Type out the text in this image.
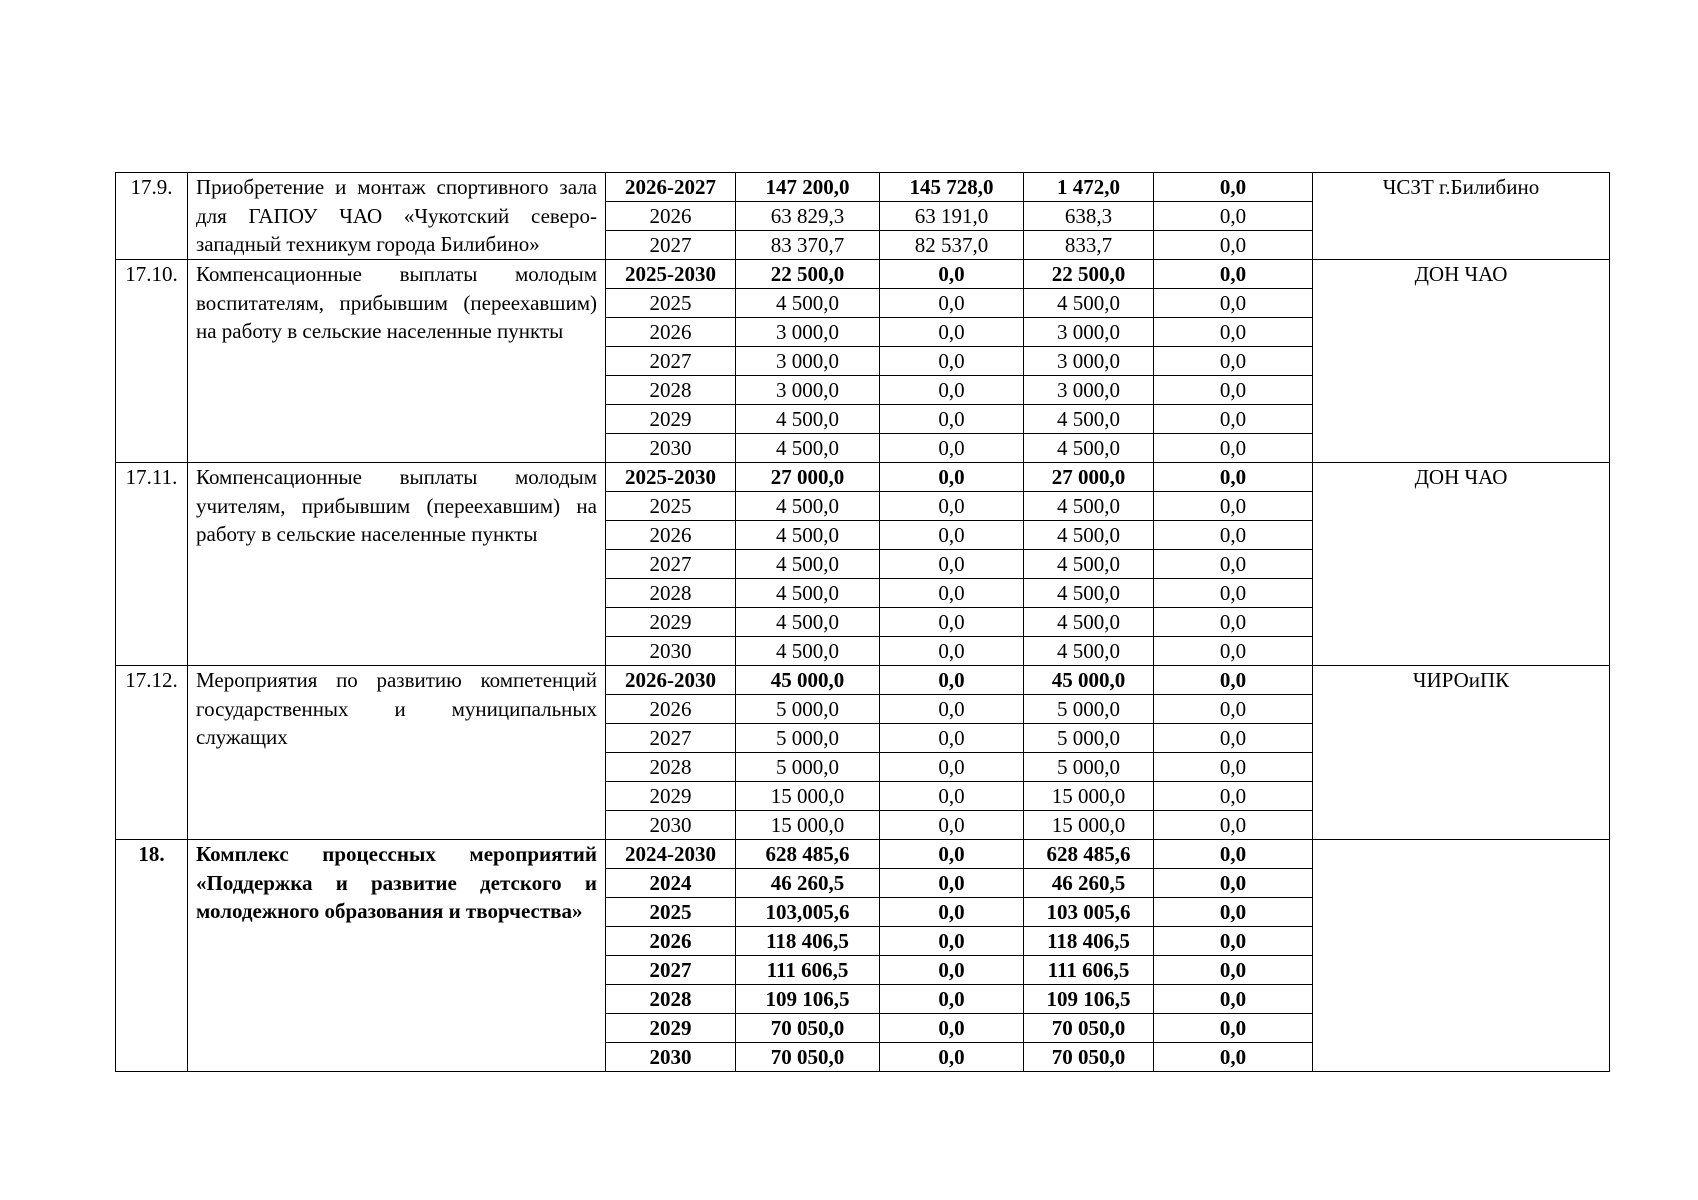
17.9.	Приобретение и монтаж спортивного зала для ГАПОУ ЧАО «Чукотский северо-западный техникум города Билибино»	2026-2027	147 200,0	145 728,0	1 472,0	0,0	ЧСЗТ г.Билибино
		2026	63 829,3	63 191,0	638,3	0,0	
		2027	83 370,7	82 537,0	833,7	0,0	
17.10.	Компенсационные выплаты молодым воспитателям, прибывшим (переехавшим) на работу в сельские населенные пункты	2025-2030	22 500,0	0,0	22 500,0	0,0	ДОН ЧАО
		2025	4 500,0	0,0	4 500,0	0,0	
		2026	3 000,0	0,0	3 000,0	0,0	
		2027	3 000,0	0,0	3 000,0	0,0	
		2028	3 000,0	0,0	3 000,0	0,0	
		2029	4 500,0	0,0	4 500,0	0,0	
		2030	4 500,0	0,0	4 500,0	0,0	
17.11.	Компенсационные выплаты молодым учителям, прибывшим (переехавшим) на работу в сельские населенные пункты	2025-2030	27 000,0	0,0	27 000,0	0,0	ДОН ЧАО
		2025	4 500,0	0,0	4 500,0	0,0	
		2026	4 500,0	0,0	4 500,0	0,0	
		2027	4 500,0	0,0	4 500,0	0,0	
		2028	4 500,0	0,0	4 500,0	0,0	
		2029	4 500,0	0,0	4 500,0	0,0	
		2030	4 500,0	0,0	4 500,0	0,0	
17.12.	Мероприятия по развитию компетенций государственных и муниципальных служащих	2026-2030	45 000,0	0,0	45 000,0	0,0	ЧИРОиПК
		2026	5 000,0	0,0	5 000,0	0,0	
		2027	5 000,0	0,0	5 000,0	0,0	
		2028	5 000,0	0,0	5 000,0	0,0	
		2029	15 000,0	0,0	15 000,0	0,0	
		2030	15 000,0	0,0	15 000,0	0,0	
18.	Комплекс процессных мероприятий «Поддержка и развитие детского и молодежного образования и творчества»	2024-2030	628 485,6	0,0	628 485,6	0,0	
		2024	46 260,5	0,0	46 260,5	0,0	
		2025	103,005,6	0,0	103 005,6	0,0	
		2026	118 406,5	0,0	118 406,5	0,0	
		2027	111 606,5	0,0	111 606,5	0,0	
		2028	109 106,5	0,0	109 106,5	0,0	
		2029	70 050,0	0,0	70 050,0	0,0	
		2030	70 050,0	0,0	70 050,0	0,0	
